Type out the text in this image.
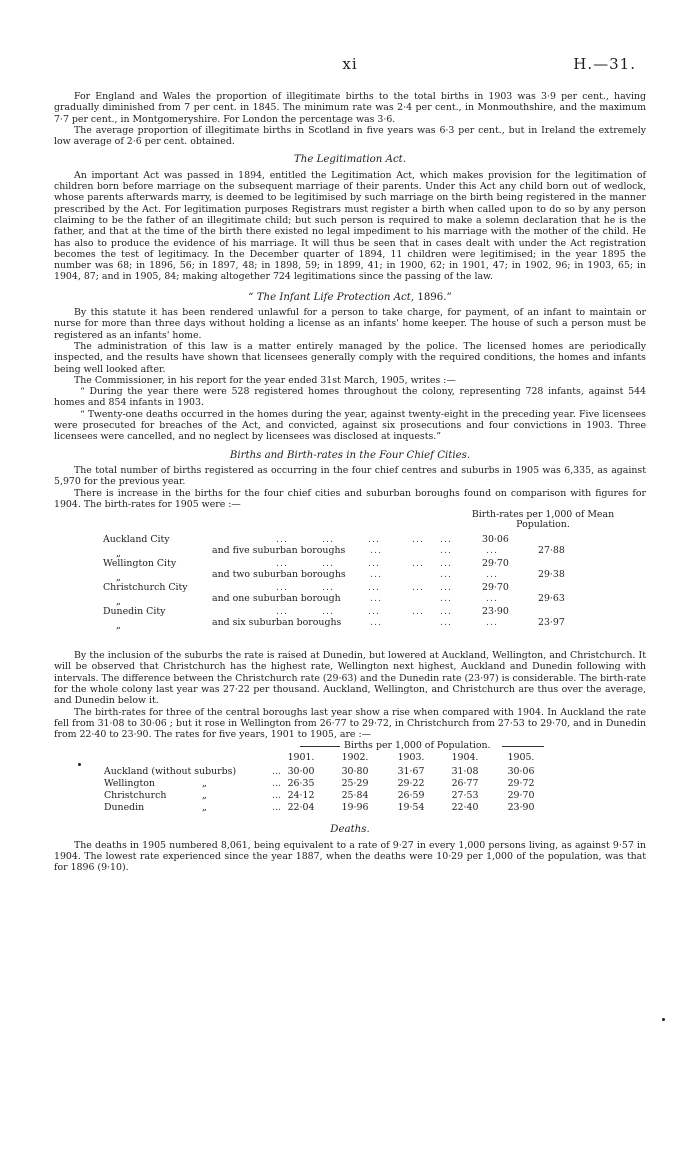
xi	H.—31.

For England and Wales the proportion of illegitimate births to the total births in 1903 was 3·9 per cent., having gradually diminished from 7 per cent. in 1845. The minimum rate was 2·4 per cent., in Monmouthshire, and the maximum 7·7 per cent., in Montgomeryshire. For London the percentage was 3·6.

The average proportion of illegitimate births in Scotland in five years was 6·3 per cent., but in Ireland the extremely low average of 2·6 per cent. obtained.

The Legitimation Act.

An important Act was passed in 1894, entitled the Legitimation Act, which makes provision for the legitimation of children born before marriage on the subsequent marriage of their parents. Under this Act any child born out of wedlock, whose parents afterwards marry, is deemed to be legitimised by such marriage on the birth being registered in the manner prescribed by the Act. For legitimation purposes Registrars must register a birth when called upon to do so by any person claiming to be the father of an illegitimate child; but such person is required to make a solemn declaration that he is the father, and that at the time of the birth there existed no legal impediment to his marriage with the mother of the child. He has also to produce the evidence of his marriage. It will thus be seen that in cases dealt with under the Act registration becomes the test of legitimacy. In the December quarter of 1894, 11 children were legitimised; in the year 1895 the number was 68; in 1896, 56; in 1897, 48; in 1898, 59; in 1899, 41; in 1900, 62; in 1901, 47; in 1902, 96; in 1903, 65; in 1904, 87; and in 1905, 84; making altogether 724 legitimations since the passing of the law.

“ The Infant Life Protection Act, 1896.”

By this statute it has been rendered unlawful for a person to take charge, for payment, of an infant to maintain or nurse for more than three days without holding a license as an infants' home keeper. The house of such a person must be registered as an infants' home.

The administration of this law is a matter entirely managed by the police. The licensed homes are periodically inspected, and the results have shown that licensees generally comply with the required conditions, the homes and infants being well looked after.

The Commissioner, in his report for the year ended 31st March, 1905, writes :—

“ During the year there were 528 registered homes throughout the colony, representing 728 infants, against 544 homes and 854 infants in 1903.

“ Twenty-one deaths occurred in the homes during the year, against twenty-eight in the preceding year. Five licensees were prosecuted for breaches of the Act, and convicted, against six prosecutions and four convictions in 1903. Three licensees were cancelled, and no neglect by licensees was disclosed at inquests.”

Births and Birth-rates in the Four Chief Cities.

The total number of births registered as occurring in the four chief centres and suburbs in 1905 was 6,335, as against 5,970 for the previous year.

There is increase in the births for the four chief cities and suburban boroughs found on comparison with figures for 1904. The birth-rates for 1905 were :—

Birth-rates per 1,000 of Mean Population.
Auckland City	...	...	...	... ...	30·06
„	and five suburban boroughs	...	...	...	27·88
Wellington City	...	...	...	... ...	29·70
„	and two suburban boroughs	...	...	...	29·38
Christchurch City	...	...	...	... ...	29·70
„	and one suburban borough	...	...	...	29·63
Dunedin City	...	...	...	... ...	23·90
„	and six suburban boroughs	...	...	...	23·97

By the inclusion of the suburbs the rate is raised at Dunedin, but lowered at Auckland, Wellington, and Christchurch. It will be observed that Christchurch has the highest rate, Wellington next highest, Auckland and Dunedin following with intervals. The difference between the Christchurch rate (29·63) and the Dunedin rate (23·97) is considerable. The birth-rate for the whole colony last year was 27·22 per thousand. Auckland, Wellington, and Christchurch are thus over the average, and Dunedin below it.

The birth-rates for three of the central boroughs last year show a rise when compared with 1904. In Auckland the rate fell from 31·08 to 30·06 ; but it rose in Wellington from 26·77 to 29·72, in Christchurch from 27·53 to 29·70, and in Dunedin from 22·40 to 23·90. The rates for five years, 1901 to 1905, are :—

Births per 1,000 of Population.
1901.	1902.	1903.	1904.	1905.
Auckland (without suburbs)	... 30·00	30·80	31·67	31·08	30·06
Wellington	„	... 26·35	25·29	29·22	26·77	29·72
Christchurch	„	... 24·12	25·84	26·59	27·53	29·70
Dunedin	„	... 22·04	19·96	19·54	22·40	23·90
Deaths.

The deaths in 1905 numbered 8,061, being equivalent to a rate of 9·27 in every 1,000 persons living, as against 9·57 in 1904. The lowest rate experienced since the year 1887, when the deaths were 10·29 per 1,000 of the population, was that for 1896 (9·10).
